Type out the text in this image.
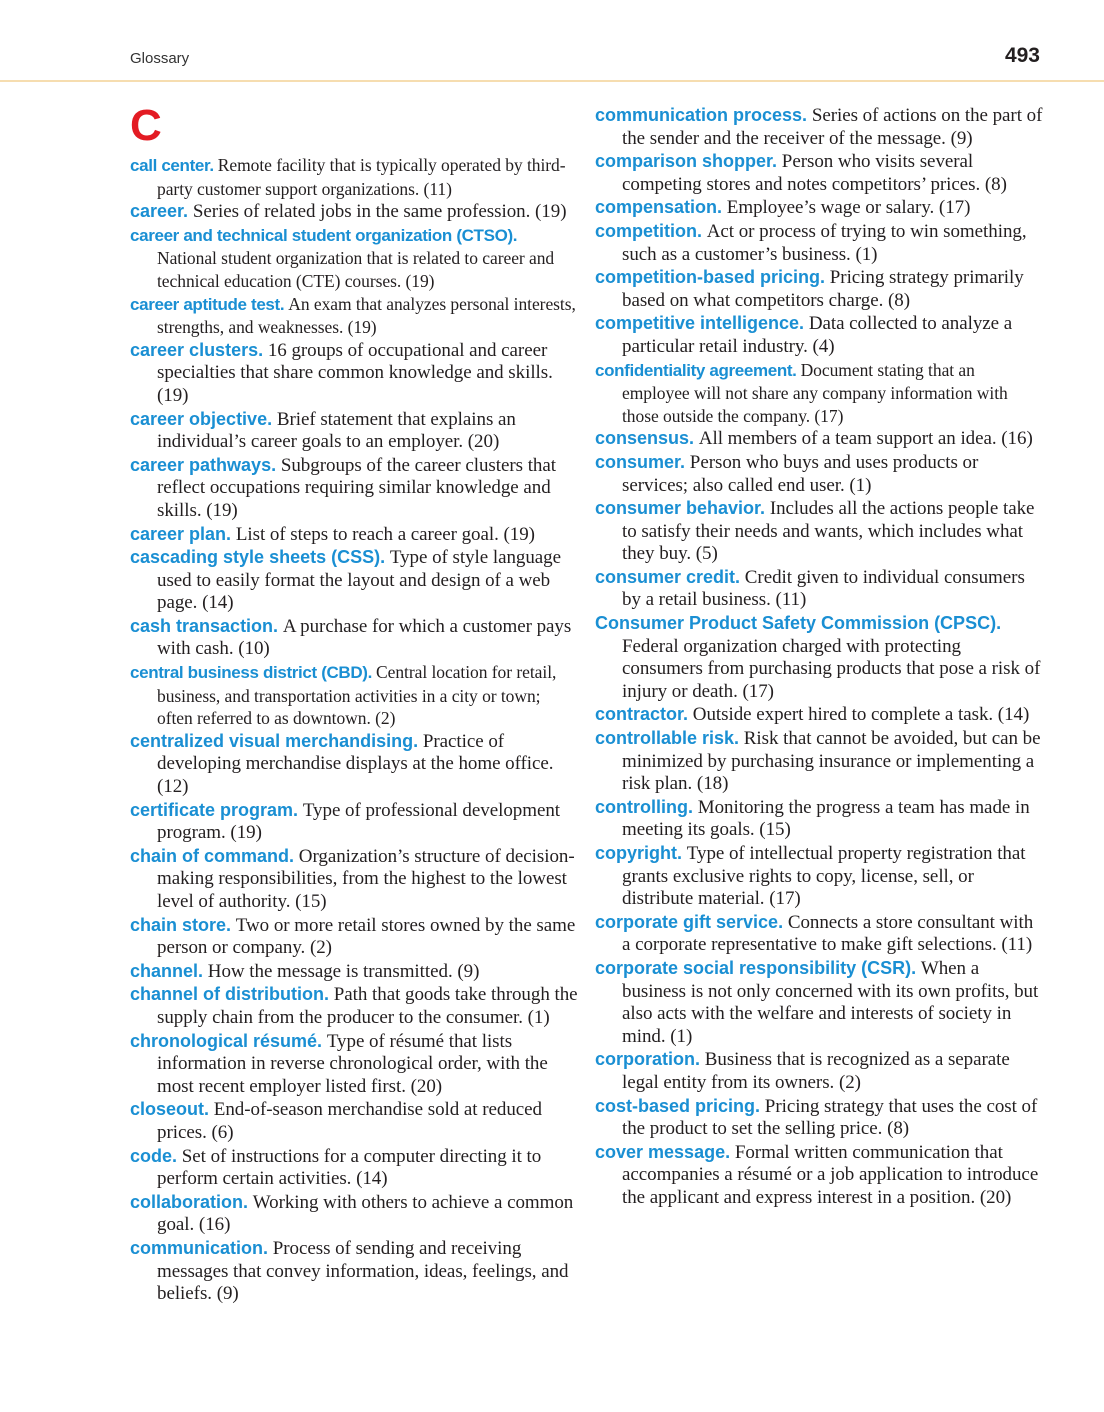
Glossary	493
C

call center. Remote facility that is typically operated by third-party customer support organizations. (11)

career. Series of related jobs in the same profession. (19)

career and technical student organization (CTSO). National student organization that is related to career and technical education (CTE) courses. (19)

career aptitude test. An exam that analyzes personal interests, strengths, and weaknesses. (19)

career clusters. 16 groups of occupational and career specialties that share common knowledge and skills. (19)

career objective. Brief statement that explains an individual’s career goals to an employer. (20)

career pathways. Subgroups of the career clusters that reflect occupations requiring similar knowledge and skills. (19)

career plan. List of steps to reach a career goal. (19)

cascading style sheets (CSS). Type of style language used to easily format the layout and design of a web page. (14)

cash transaction. A purchase for which a customer pays with cash. (10)

central business district (CBD). Central location for retail, business, and transportation activities in a city or town; often referred to as downtown. (2)

centralized visual merchandising. Practice of developing merchandise displays at the home office. (12)

certificate program. Type of professional development program. (19)

chain of command. Organization’s structure of decision-making responsibilities, from the highest to the lowest level of authority. (15)

chain store. Two or more retail stores owned by the same person or company. (2)

channel. How the message is transmitted. (9)

channel of distribution. Path that goods take through the supply chain from the producer to the consumer. (1)

chronological résumé. Type of résumé that lists information in reverse chronological order, with the most recent employer listed first. (20)

closeout. End-of-season merchandise sold at reduced prices. (6)

code. Set of instructions for a computer directing it to perform certain activities. (14)

collaboration. Working with others to achieve a common goal. (16)

communication. Process of sending and receiving messages that convey information, ideas, feelings, and beliefs. (9)

communication process. Series of actions on the part of the sender and the receiver of the message. (9)

comparison shopper. Person who visits several competing stores and notes competitors’ prices. (8)

compensation. Employee’s wage or salary. (17)

competition. Act or process of trying to win something, such as a customer’s business. (1)

competition-based pricing. Pricing strategy primarily based on what competitors charge. (8)

competitive intelligence. Data collected to analyze a particular retail industry. (4)

confidentiality agreement. Document stating that an employee will not share any company information with those outside the company. (17)

consensus. All members of a team support an idea. (16)

consumer. Person who buys and uses products or services; also called end user. (1)

consumer behavior. Includes all the actions people take to satisfy their needs and wants, which includes what they buy. (5)

consumer credit. Credit given to individual consumers by a retail business. (11)

Consumer Product Safety Commission (CPSC). Federal organization charged with protecting consumers from purchasing products that pose a risk of injury or death. (17)

contractor. Outside expert hired to complete a task. (14)

controllable risk. Risk that cannot be avoided, but can be minimized by purchasing insurance or implementing a risk plan. (18)

controlling. Monitoring the progress a team has made in meeting its goals. (15)

copyright. Type of intellectual property registration that grants exclusive rights to copy, license, sell, or distribute material. (17)

corporate gift service. Connects a store consultant with a corporate representative to make gift selections. (11)

corporate social responsibility (CSR). When a business is not only concerned with its own profits, but also acts with the welfare and interests of society in mind. (1)

corporation. Business that is recognized as a separate legal entity from its owners. (2)

cost-based pricing. Pricing strategy that uses the cost of the product to set the selling price. (8)

cover message. Formal written communication that accompanies a résumé or a job application to introduce the applicant and express interest in a position. (20)
